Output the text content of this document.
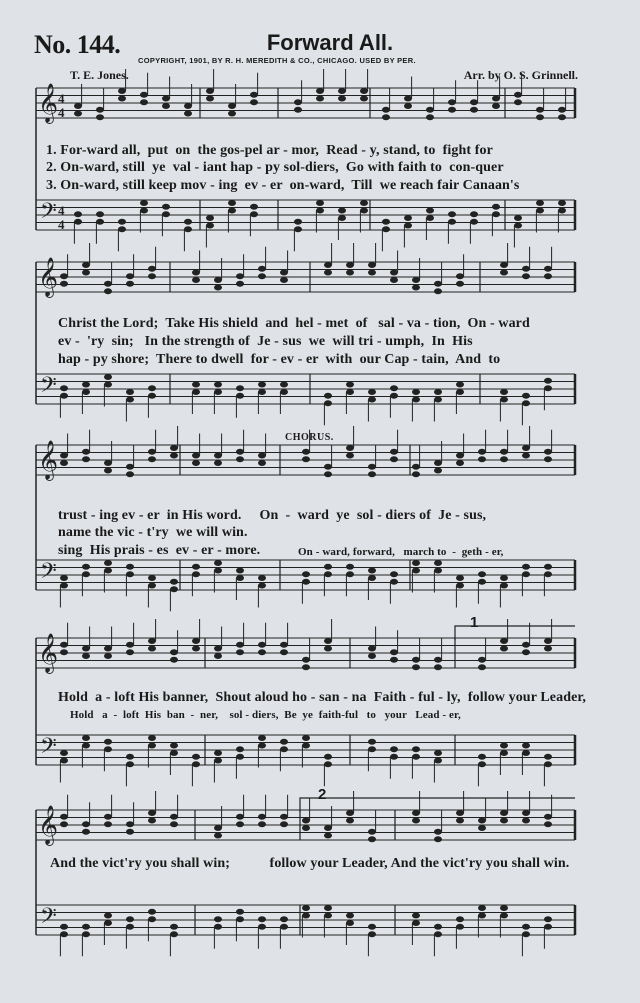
No. 144.	Forward All.
COPYRIGHT, 1901, BY R. H. MEREDITH & CO., CHICAGO. USED BY PER.
T. E. Jones.	Arr. by O. S. Grinnell.
𝄞
𝄢
4
4
4
4
𝄞
𝄢
𝄞
𝄢
𝄞
𝄢
𝄞
𝄢
1. For-ward all,  put  on  the gos-pel ar - mor,  Read - y, stand, to  fight for
2. On-ward, still  ye  val - iant hap - py sol-diers,  Go with faith to  con-quer
3. On-ward, still keep mov - ing  ev - er  on-ward,  Till  we reach fair Canaan's
Christ the Lord;  Take His shield  and  hel - met  of   sal - va - tion,  On - ward
ev -  'ry  sin;   In the strength of  Je - sus  we  will tri - umph,  In  His
hap - py shore;  There to dwell  for - ev - er  with  our Cap - tain,  And  to
CHORUS.
trust - ing ev - er  in His word.     On  -  ward  ye  sol - diers of  Je - sus,
name the vic - t'ry  we will win.
sing  His prais - es  ev - er - more.	On - ward, forward,   march to  -  geth - er,
1
Hold  a - loft His banner,  Shout aloud ho - san - na  Faith - ful - ly,  follow your Leader,
Hold   a  -  loft  His  ban  -  ner,    sol - diers,  Be  ye  faith-ful   to   your   Lead - er,
2
And the vict'ry you shall win;           follow your Leader, And the vict'ry you shall win.
